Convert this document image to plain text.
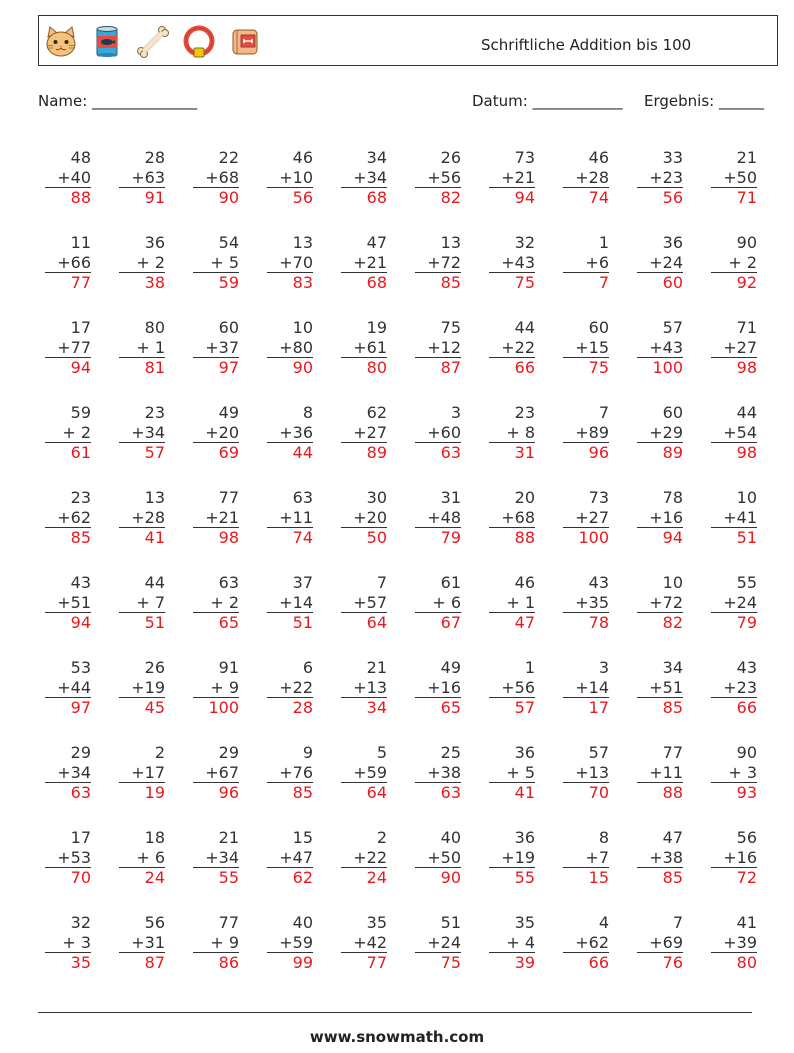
Schriftliche Addition bis 100
Name: ______________	Datum: ____________ Ergebnis: ______
48
+40
88
28
+63
91
22
+68
90
46
+10
56
34
+34
68
26
+56
82
73
+21
94
46
+28
74
33
+23
56
21
+50
71
11
+66
77
36
+ 2
38
54
+ 5
59
13
+70
83
47
+21
68
13
+72
85
32
+43
75
1
+6
7
36
+24
60
90
+ 2
92
17
+77
94
80
+ 1
81
60
+37
97
10
+80
90
19
+61
80
75
+12
87
44
+22
66
60
+15
75
57
+43
100
71
+27
98
59
+ 2
61
23
+34
57
49
+20
69
8
+36
44
62
+27
89
3
+60
63
23
+ 8
31
7
+89
96
60
+29
89
44
+54
98
23
+62
85
13
+28
41
77
+21
98
63
+11
74
30
+20
50
31
+48
79
20
+68
88
73
+27
100
78
+16
94
10
+41
51
43
+51
94
44
+ 7
51
63
+ 2
65
37
+14
51
7
+57
64
61
+ 6
67
46
+ 1
47
43
+35
78
10
+72
82
55
+24
79
53
+44
97
26
+19
45
91
+ 9
100
6
+22
28
21
+13
34
49
+16
65
1
+56
57
3
+14
17
34
+51
85
43
+23
66
29
+34
63
2
+17
19
29
+67
96
9
+76
85
5
+59
64
25
+38
63
36
+ 5
41
57
+13
70
77
+11
88
90
+ 3
93
17
+53
70
18
+ 6
24
21
+34
55
15
+47
62
2
+22
24
40
+50
90
36
+19
55
8
+7
15
47
+38
85
56
+16
72
32
+ 3
35
56
+31
87
77
+ 9
86
40
+59
99
35
+42
77
51
+24
75
35
+ 4
39
4
+62
66
7
+69
76
41
+39
80
www.snowmath.com
